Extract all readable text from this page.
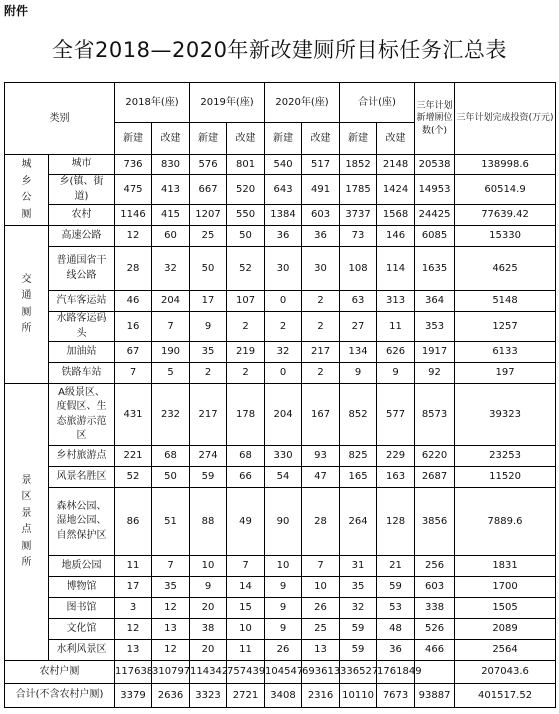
附件
全省2018—2020年新改建厕所目标任务汇总表
类别		2018年(座)		2019年(座)		2020年(座)		合计(座)		三年计划新增厕位数(个)	三年计划完成投资(万元)
		新建	改建	新建	改建	新建	改建	新建	改建		

城乡公厕	城市	736	830	576	801	540	517	1852	2148	20538	138998.6
	乡(镇、街道)	475	413	667	520	643	491	1785	1424	14953	60514.9
	农村	1146	415	1207	550	1384	603	3737	1568	24425	77639.42

交通厕所	高速公路	12	60	25	50	36	36	73	146	6085	15330
	普通国省干线公路	28	32	50	52	30	30	108	114	1635	4625
	汽车客运站	46	204	17	107	0	2	63	313	364	5148
	水路客运码头	16	7	9	2	2	2	27	11	353	1257
	加油站	67	190	35	219	32	217	134	626	1917	6133
	铁路车站	7	5	2	2	0	2	9	9	92	197

景区景点厕所	A级景区、度假区、生态旅游示范区	431	232	217	178	204	167	852	577	8573	39323
	乡村旅游点	221	68	274	68	330	93	825	229	6220	23253
	风景名胜区	52	50	59	66	54	47	165	163	2687	11520
	森林公园、湿地公园、自然保护区	86	51	88	49	90	28	264	128	3856	7889.6
	地质公园	11	7	10	7	10	7	31	21	256	1831
	博物馆	17	35	9	14	9	10	35	59	603	1700
	图书馆	3	12	20	15	9	26	32	53	338	1505
	文化馆	12	13	38	10	9	25	59	48	526	2089
	水利风景区	13	12	20	11	26	13	59	36	466	2564
农村户厕		117638	310797	114342	757439	104547	693613	336527	1761849		207043.6
合计(不含农村户厕)		3379	2636	3323	2721	3408	2316	10110	7673	93887	401517.52
